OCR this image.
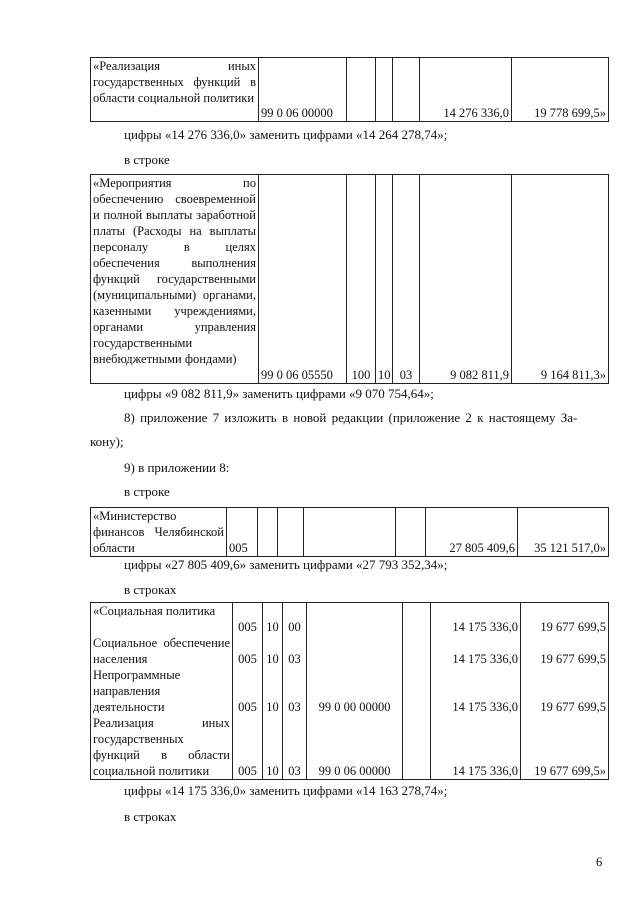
«Реализация иных государственных функций в области социальной политики	99 0 06 00000				14 276 336,0	19 778 699,5»
цифры «14 276 336,0» заменить цифрами «14 264 278,74»;
в строке
«Мероприятия по обеспечению своевременной и полной выплаты заработной платы (Расходы на выплаты персоналу в целях обеспечения выполнения функций государственными (муниципальными) органами, казенными учреждениями, органами управления государственными внебюджетными фондами)	99 0 06 05550	100	10	03	9 082 811,9	9 164 811,3»
цифры «9 082 811,9» заменить цифрами «9 070 754,64»;
8) приложение 7 изложить в новой редакции (приложение 2 к настоящему За-
кону);
9) в приложении 8:
в строке
«Министерство финансов Челябинской области	005					27 805 409,6	35 121 517,0»
цифры «27 805 409,6» заменить цифрами «27 793 352,34»;
в строках
«Социальная политика	005	10	00			14 175 336,0	19 677 699,5
Социальное обеспечение населения	005	10	03			14 175 336,0	19 677 699,5
Непрограммные направления деятельности	005	10	03	99 0 00 00000		14 175 336,0	19 677 699,5
Реализация иных государственных функций в области социальной политики	005	10	03	99 0 06 00000		14 175 336,0	19 677 699,5»
цифры «14 175 336,0» заменить цифрами «14 163 278,74»;
в строках
6
